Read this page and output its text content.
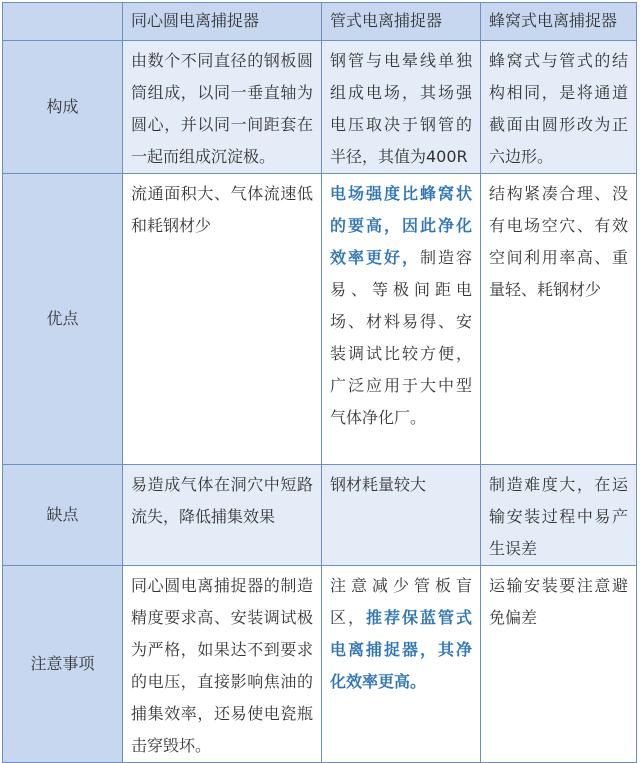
	同心圆电离捕捉器	管式电离捕捉器	蜂窝式电离捕捉器
构成	由数个不同直径的钢板圆筒组成，以同一垂直轴为圆心，并以同一间距套在一起而组成沉淀极。	钢管与电晕线单独组成电场，其场强电压取决于钢管的半径，其值为400R	蜂窝式与管式的结构相同，是将通道截面由圆形改为正六边形。
优点	流通面积大、气体流速低和耗钢材少	电场强度比蜂窝状的要高，因此净化效率更好，制造容易、等极间距电场、材料易得、安装调试比较方便，广泛应用于大中型气体净化厂。	结构紧凑合理、没有电场空穴、有效空间利用率高、重量轻、耗钢材少
缺点	易造成气体在洞穴中短路流失，降低捕集效果	钢材耗量较大	制造难度大，在运输安装过程中易产生误差
注意事项	同心圆电离捕捉器的制造精度要求高、安装调试极为严格，如果达不到要求的电压，直接影响焦油的捕集效率，还易使电瓷瓶击穿毁坏。	注意减少管板盲区，推荐保蓝管式电离捕捉器，其净化效率更高。	运输安装要注意避免偏差
